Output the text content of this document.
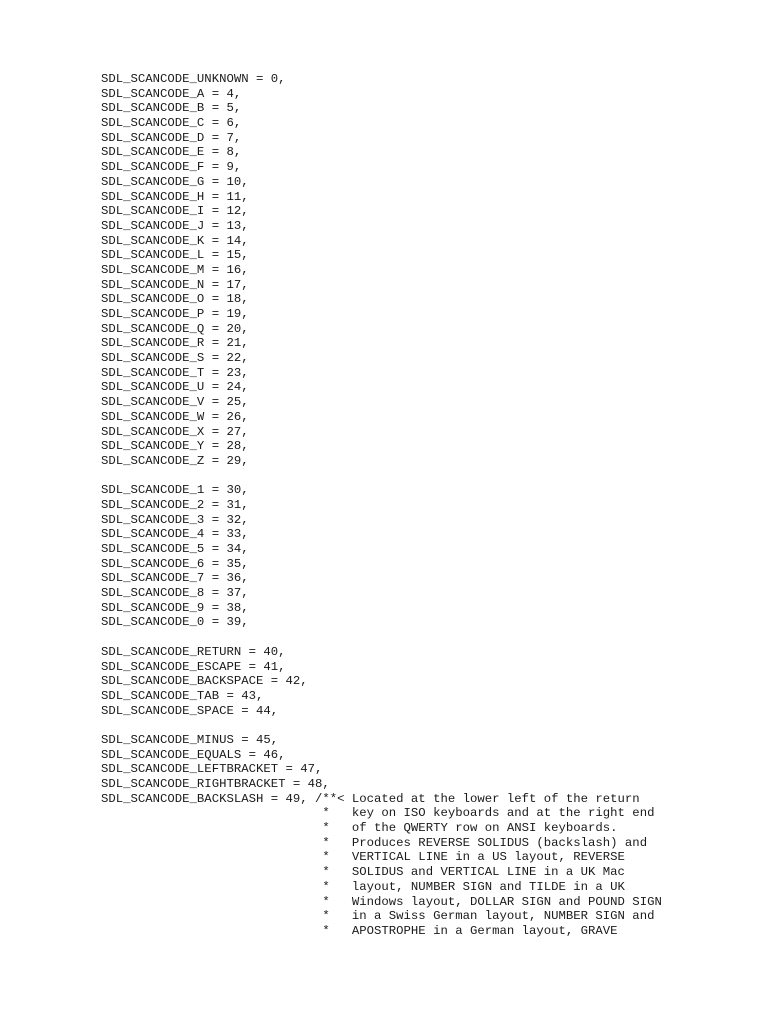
SDL_SCANCODE_UNKNOWN = 0,
SDL_SCANCODE_A = 4,
SDL_SCANCODE_B = 5,
SDL_SCANCODE_C = 6,
SDL_SCANCODE_D = 7,
SDL_SCANCODE_E = 8,
SDL_SCANCODE_F = 9,
SDL_SCANCODE_G = 10,
SDL_SCANCODE_H = 11,
SDL_SCANCODE_I = 12,
SDL_SCANCODE_J = 13,
SDL_SCANCODE_K = 14,
SDL_SCANCODE_L = 15,
SDL_SCANCODE_M = 16,
SDL_SCANCODE_N = 17,
SDL_SCANCODE_O = 18,
SDL_SCANCODE_P = 19,
SDL_SCANCODE_Q = 20,
SDL_SCANCODE_R = 21,
SDL_SCANCODE_S = 22,
SDL_SCANCODE_T = 23,
SDL_SCANCODE_U = 24,
SDL_SCANCODE_V = 25,
SDL_SCANCODE_W = 26,
SDL_SCANCODE_X = 27,
SDL_SCANCODE_Y = 28,
SDL_SCANCODE_Z = 29,
SDL_SCANCODE_1 = 30,
SDL_SCANCODE_2 = 31,
SDL_SCANCODE_3 = 32,
SDL_SCANCODE_4 = 33,
SDL_SCANCODE_5 = 34,
SDL_SCANCODE_6 = 35,
SDL_SCANCODE_7 = 36,
SDL_SCANCODE_8 = 37,
SDL_SCANCODE_9 = 38,
SDL_SCANCODE_0 = 39,
SDL_SCANCODE_RETURN = 40,
SDL_SCANCODE_ESCAPE = 41,
SDL_SCANCODE_BACKSPACE = 42,
SDL_SCANCODE_TAB = 43,
SDL_SCANCODE_SPACE = 44,
SDL_SCANCODE_MINUS = 45,
SDL_SCANCODE_EQUALS = 46,
SDL_SCANCODE_LEFTBRACKET = 47,
SDL_SCANCODE_RIGHTBRACKET = 48,
SDL_SCANCODE_BACKSLASH = 49, /**< Located at the lower left of the return
*   key on ISO keyboards and at the right end
*   of the QWERTY row on ANSI keyboards.
*   Produces REVERSE SOLIDUS (backslash) and
*   VERTICAL LINE in a US layout, REVERSE
*   SOLIDUS and VERTICAL LINE in a UK Mac
*   layout, NUMBER SIGN and TILDE in a UK
*   Windows layout, DOLLAR SIGN and POUND SIGN
*   in a Swiss German layout, NUMBER SIGN and
*   APOSTROPHE in a German layout, GRAVE
